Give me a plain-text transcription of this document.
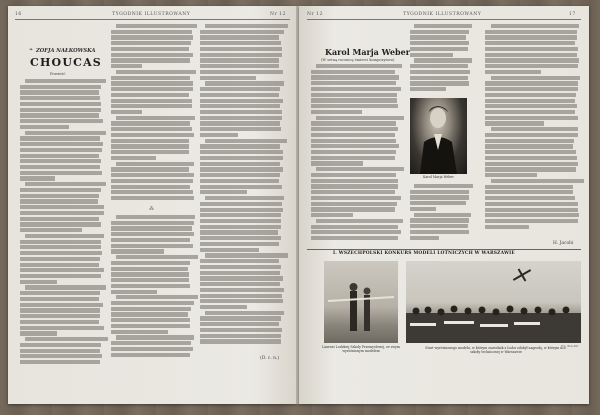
16	TYGODNIK ILLUSTROWANY	Nr 12
ZOFJA NAŁKOWSKA
❧
CHOUCAS
Powieść
⁂
(D. c. n.)
Nr 12	TYGODNIK ILLUSTROWANY	17
Karol Marja Weber
(W setną rocznicę śmierci kompozytora)
Karol Marja Weber
H. Jacobi
I. WSZECHPOLSKI KONKURS MODELI LOTNICZYCH W WARSZAWIE
Laureat Lodzkiej Szkoly Przemyslowej, ze swym wyróżnionym modelem
Fot. Bon-Kir
Start wyróżnionego modelu, w którym zawodnik z Łodzi zdobył nagrodę, w którym ucz. szkoły technicznej w Warszawie
